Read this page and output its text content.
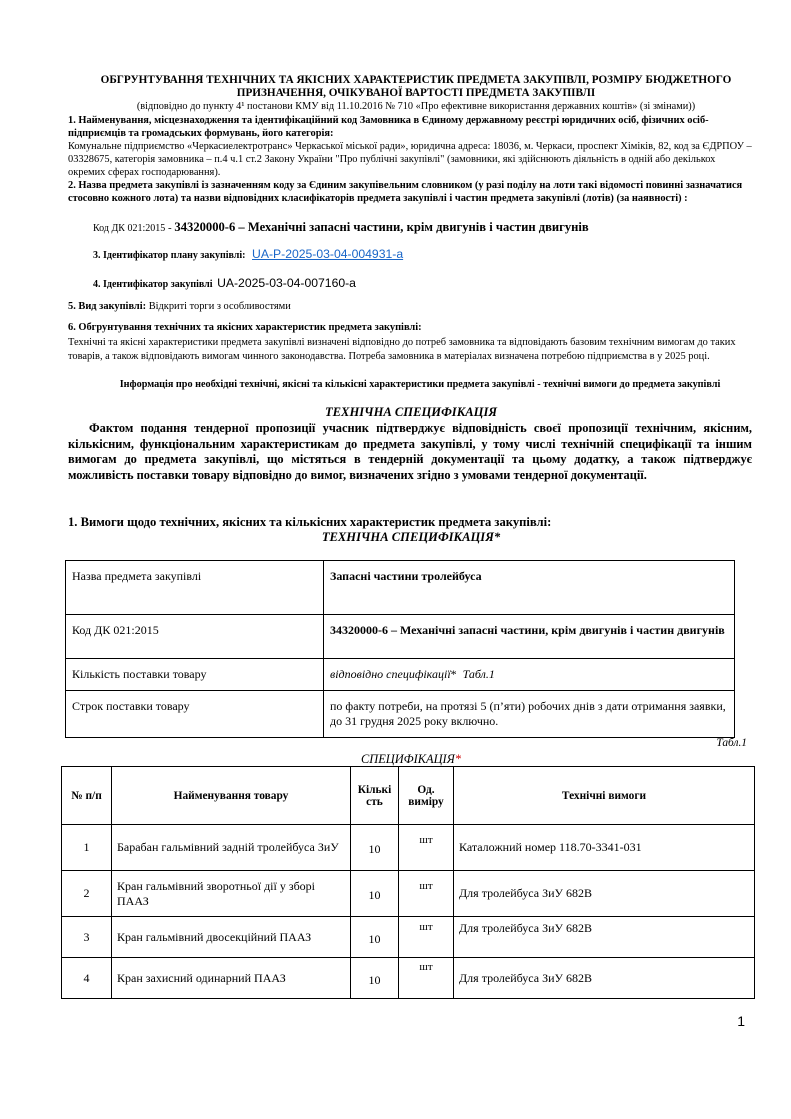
ОБГРУНТУВАННЯ ТЕХНІЧНИХ ТА ЯКІСНИХ ХАРАКТЕРИСТИК ПРЕДМЕТА ЗАКУПІВЛІ, РОЗМІРУ БЮДЖЕТНОГО ПРИЗНАЧЕННЯ, ОЧІКУВАНОЇ ВАРТОСТІ ПРЕДМЕТА ЗАКУПІВЛІ
(відповідно до пункту 4¹ постанови КМУ від 11.10.2016 № 710 «Про ефективне використання державних коштів» (зі змінами))
1. Найменування, місцезнаходження та ідентифікаційний код Замовника в Єдиному державному реєстрі юридичних осіб, фізичних осіб-підприємців та громадських формувань, його категорія:
Комунальне підприємство «Черкасиелектротранс» Черкаської міської ради», юридична адреса: 18036, м. Черкаси, проспект Хіміків, 82, код за ЄДРПОУ – 03328675, категорія замовника – п.4 ч.1 ст.2 Закону України "Про публічні закупівлі" (замовники, які здійснюють діяльність в одній або декількох окремих сферах господарювання).
2. Назва предмета закупівлі із зазначенням коду за Єдиним закупівельним словником (у разі поділу на лоти такі відомості повинні зазначатися стосовно кожного лота) та назви відповідних класифікаторів предмета закупівлі і частин предмета закупівлі (лотів) (за наявності) :
Код ДК 021:2015 - 34320000-6 – Механічні запасні частини, крім двигунів і частин двигунів
3. Ідентифікатор плану закупівлі: UA-P-2025-03-04-004931-a
4. Ідентифікатор закупівлі UA-2025-03-04-007160-a
5. Вид закупівлі: Відкриті торги з особливостями
6. Обгрунтування технічних та якісних характеристик предмета закупівлі:
Технічні та якісні характеристики предмета закупівлі визначені відповідно до потреб замовника та відповідають базовим технічним вимогам до таких товарів, а також відповідають вимогам чинного законодавства. Потреба замовника в матеріалах визначена потребою підприємства в у 2025 році.
Інформація про необхідні технічні, якісні та кількісні характеристики предмета закупівлі - технічні вимоги до предмета закупівлі
ТЕХНІЧНА СПЕЦИФІКАЦІЯ
Фактом подання тендерної пропозиції учасник підтверджує відповідність своєї пропозиції технічним, якісним, кількісним, функціональним характеристикам до предмета закупівлі, у тому числі технічній специфікації та іншим вимогам до предмета закупівлі, що містяться в тендерній документації та цьому додатку, а також підтверджує можливість поставки товару відповідно до вимог, визначених згідно з умовами тендерної документації.
1. Вимоги щодо технічних, якісних та кількісних характеристик предмета закупівлі:
ТЕХНІЧНА СПЕЦИФІКАЦІЯ*
Назва предмета закупівлі	Запасні частини тролейбуса
Код ДК 021:2015	34320000-6 – Механічні запасні частини, крім двигунів і частин двигунів
Кількість поставки товару	відповідно специфікації*  Табл.1
Строк поставки товару	по факту потреби, на протязі 5 (п’яти) робочих днів з дати отримання заявки, до 31 грудня 2025 року включно.
Табл.1
СПЕЦИФІКАЦІЯ*
№ п/п	Найменування товару	Кількі сть	Од. виміру	Технічні вимоги
1	Барабан гальмівний задній тролейбуса ЗиУ	10	шт	Каталожний номер 118.70-3341-031
2	Кран гальмівний зворотньої дії у зборі ПААЗ	10	шт	Для тролейбуса ЗиУ 682В
3	Кран гальмівний двосекційний ПААЗ	10	шт	Для тролейбуса ЗиУ 682В
4	Кран захисний одинарний ПААЗ	10	шт	Для тролейбуса ЗиУ 682В
1
